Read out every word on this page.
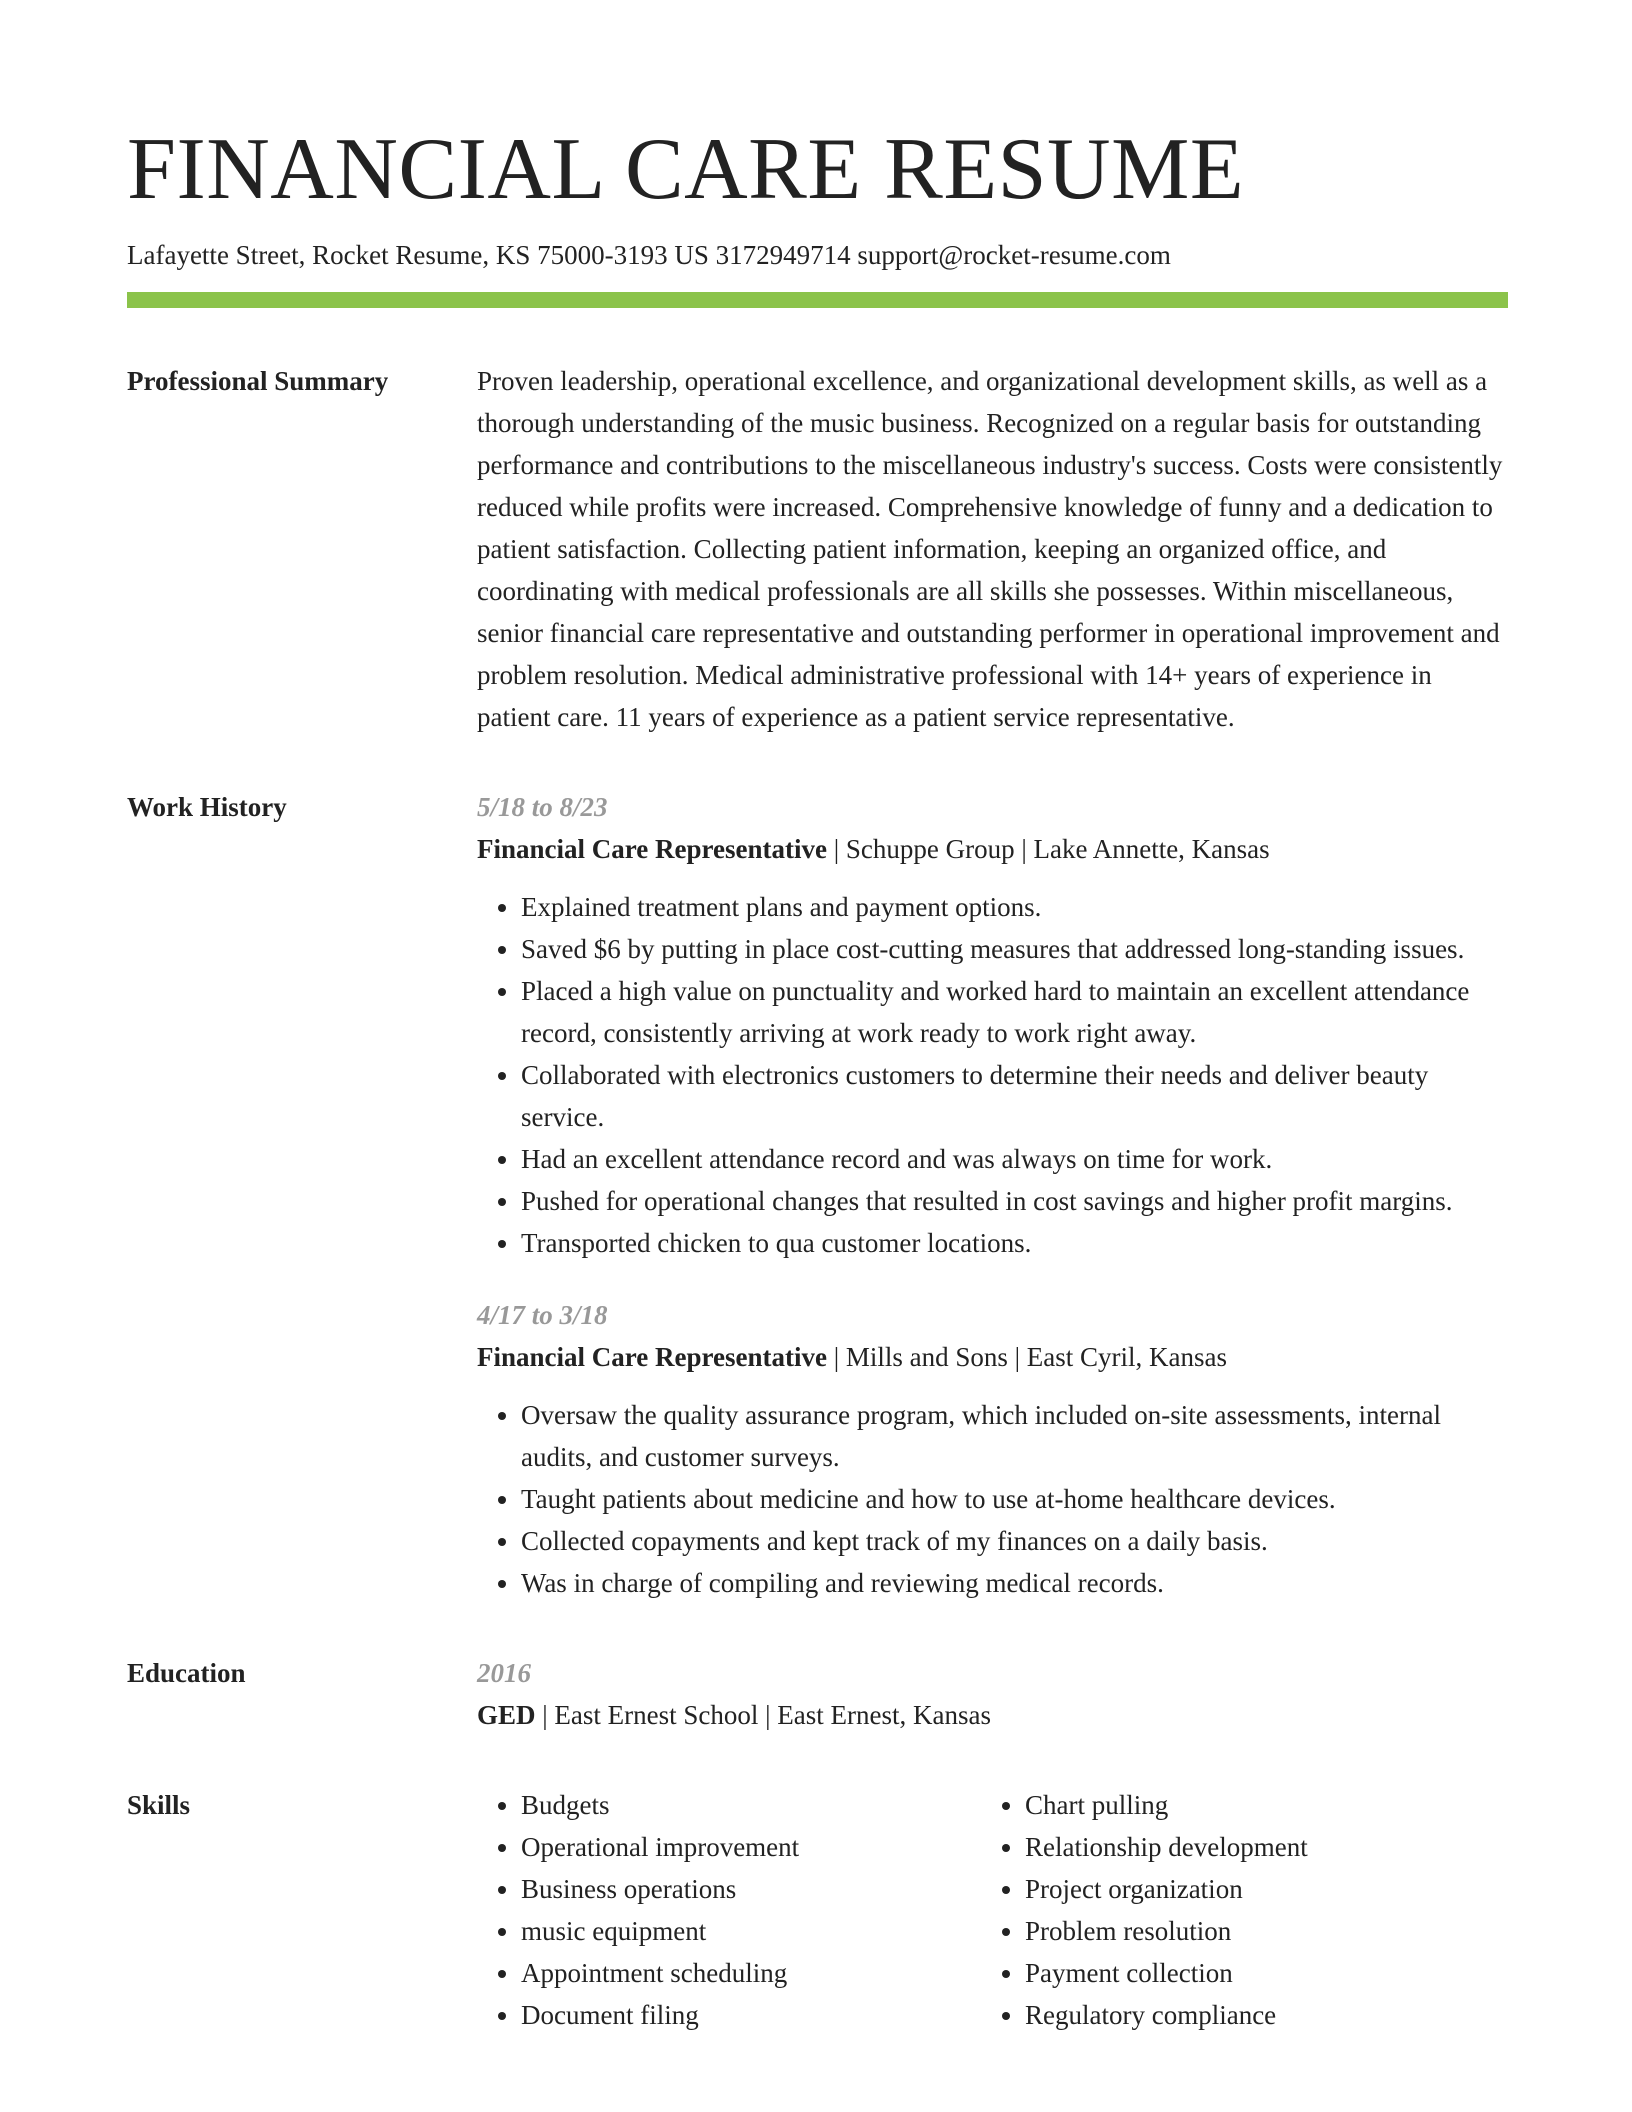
FINANCIAL CARE RESUME
Lafayette Street, Rocket Resume, KS 75000-3193 US 3172949714 support@rocket-resume.com
Professional Summary	Proven leadership, operational excellence, and organizational development skills, as well as a thorough understanding of the music business. Recognized on a regular basis for outstanding performance and contributions to the miscellaneous industry's success. Costs were consistently reduced while profits were increased. Comprehensive knowledge of funny and a dedication to patient satisfaction. Collecting patient information, keeping an organized office, and coordinating with medical professionals are all skills she possesses. Within miscellaneous, senior financial care representative and outstanding performer in operational improvement and problem resolution. Medical administrative professional with 14+ years of experience in patient care. 11 years of experience as a patient service representative.

Work History	5/18 to 8/23
Financial Care Representative | Schuppe Group | Lake Annette, Kansas
• Explained treatment plans and payment options.
• Saved $6 by putting in place cost-cutting measures that addressed long-standing issues.
• Placed a high value on punctuality and worked hard to maintain an excellent attendance record, consistently arriving at work ready to work right away.
• Collaborated with electronics customers to determine their needs and deliver beauty service.
• Had an excellent attendance record and was always on time for work.
• Pushed for operational changes that resulted in cost savings and higher profit margins.
• Transported chicken to qua customer locations.
4/17 to 3/18
Financial Care Representative | Mills and Sons | East Cyril, Kansas
• Oversaw the quality assurance program, which included on-site assessments, internal audits, and customer surveys.
• Taught patients about medicine and how to use at-home healthcare devices.
• Collected copayments and kept track of my finances on a daily basis.
• Was in charge of compiling and reviewing medical records.
Education	2016
GED | East Ernest School | East Ernest, Kansas
Skills
•	Budgets
• Operational improvement
• Business operations
• music equipment
• Appointment scheduling
• Document filing
• Chart pulling
• Relationship development
• Project organization
• Problem resolution
• Payment collection
• Regulatory compliance
